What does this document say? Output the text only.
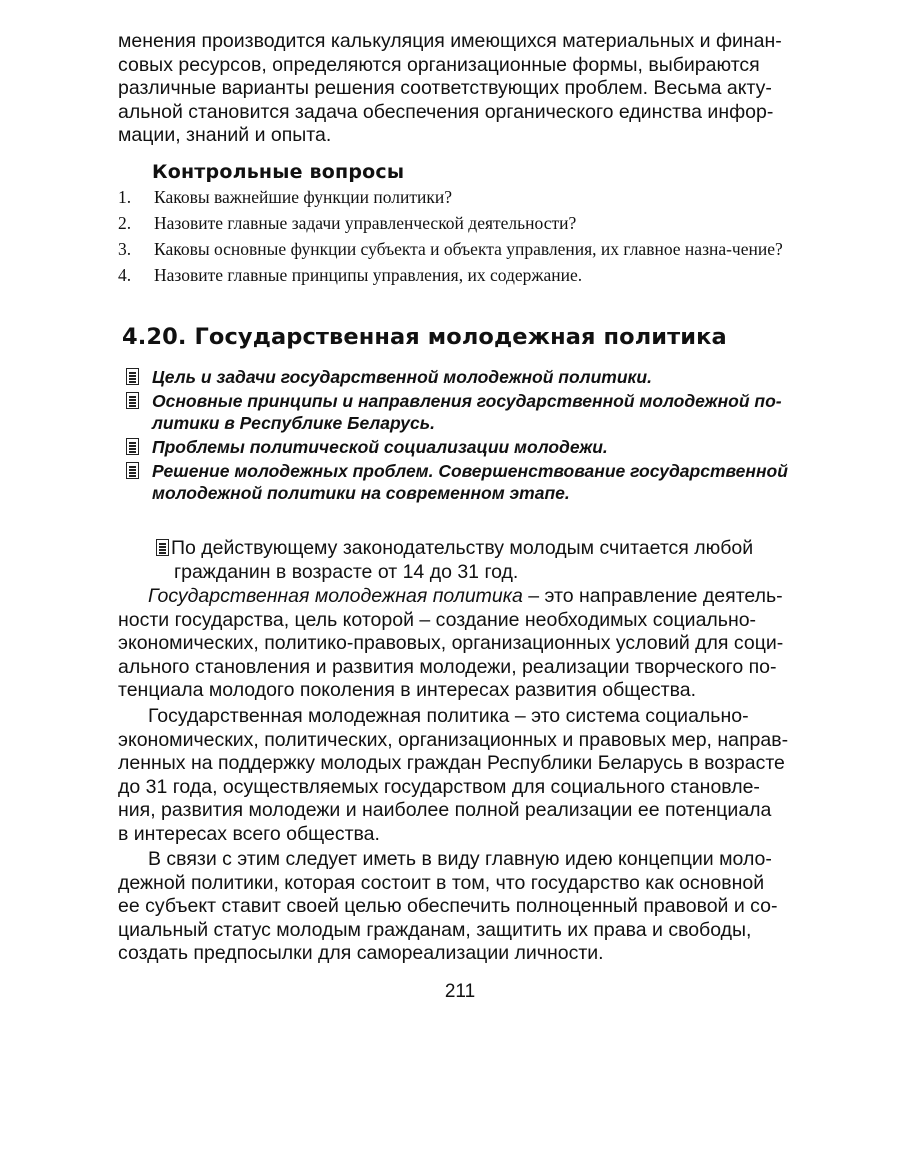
менения производится калькуляция имеющихся материальных и финан-
совых ресурсов, определяются организационные формы, выбираются
различные варианты решения соответствующих проблем. Весьма акту-
альной становится задача обеспечения органического единства инфор-
мации, знаний и опыта.
Контрольные вопросы
1. Каковы важнейшие функции политики?
2. Назовите главные задачи управленческой деятельности?
3. Каковы основные функции субъекта и объекта управления, их главное назна-чение?
4. Назовите главные принципы управления, их содержание.
4.20. Государственная молодежная политика
Цель и задачи государственной молодежной политики.
Основные принципы и направления государственной молодежной по-литики в Республике Беларусь.
Проблемы политической социализации молодежи.
Решение молодежных проблем. Совершенствование государственной молодежной политики на современном этапе.
По действующему законодательству молодым считается любой
гражданин в возрасте от 14 до 31 год.
Государственная молодежная политика – это направление деятель-
ности государства, цель которой – создание необходимых социально-
экономических, политико-правовых, организационных условий для соци-
ального становления и развития молодежи, реализации творческого по-
тенциала молодого поколения в интересах развития общества.
Государственная молодежная политика – это система социально-
экономических, политических, организационных и правовых мер, направ-
ленных на поддержку молодых граждан Республики Беларусь в возрасте
до 31 года, осуществляемых государством для социального становле-
ния, развития молодежи и наиболее полной реализации ее потенциала
в интересах всего общества.
В связи с этим следует иметь в виду главную идею концепции моло-
дежной политики, которая состоит в том, что государство как основной
ее субъект ставит своей целью обеспечить полноценный правовой и со-
циальный статус молодым гражданам, защитить их права и свободы,
создать предпосылки для самореализации личности.
211
